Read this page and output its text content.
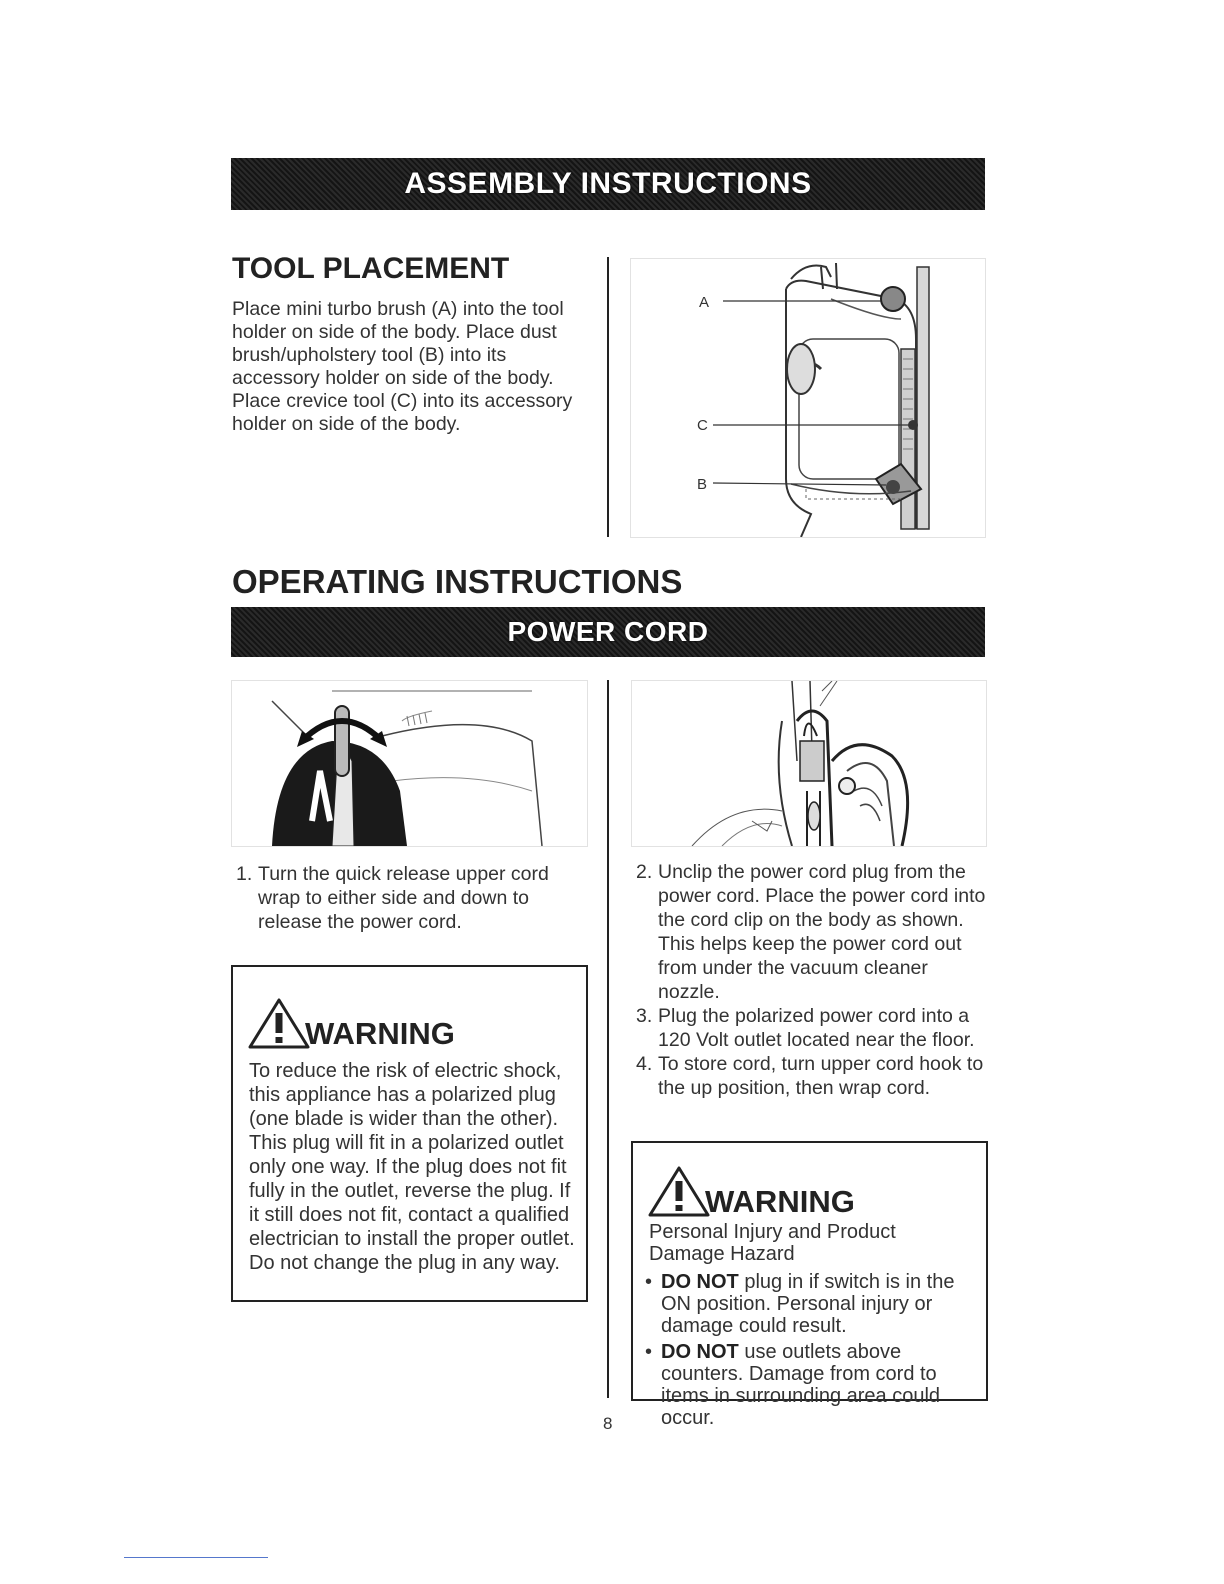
ASSEMBLY INSTRUCTIONS
TOOL PLACEMENT

Place mini turbo brush (A) into the tool holder on side of the body. Place dust brush/upholstery tool (B) into its accessory holder on side of the body. Place crevice tool (C) into its accessory holder on side of the body.

A
C
B
OPERATING INSTRUCTIONS
POWER CORD
1. Turn the quick release upper cord wrap to either side and down to release the power cord.
2. Unclip the power cord plug from the power cord. Place the power cord into the cord clip on the body as shown. This helps keep the power cord out from under the vacuum cleaner nozzle.
3. Plug the polarized power cord into a 120 Volt outlet located near the floor.
4. To store cord, turn upper cord hook to the up position, then wrap cord.
WARNING

To reduce the risk of electric shock, this appliance has a polarized plug (one blade is wider than the other). This plug will fit in a polarized outlet only one way. If the plug does not fit fully in the outlet, reverse the plug. If it still does not fit, contact a qualified electrician to install the proper outlet. Do not change the plug in any way.

WARNING

Personal Injury and Product Damage Hazard

• DO NOT plug in if switch is in the ON position. Personal injury or damage could result.

• DO NOT use outlets above counters. Damage from cord to items in surrounding area could occur.

8
